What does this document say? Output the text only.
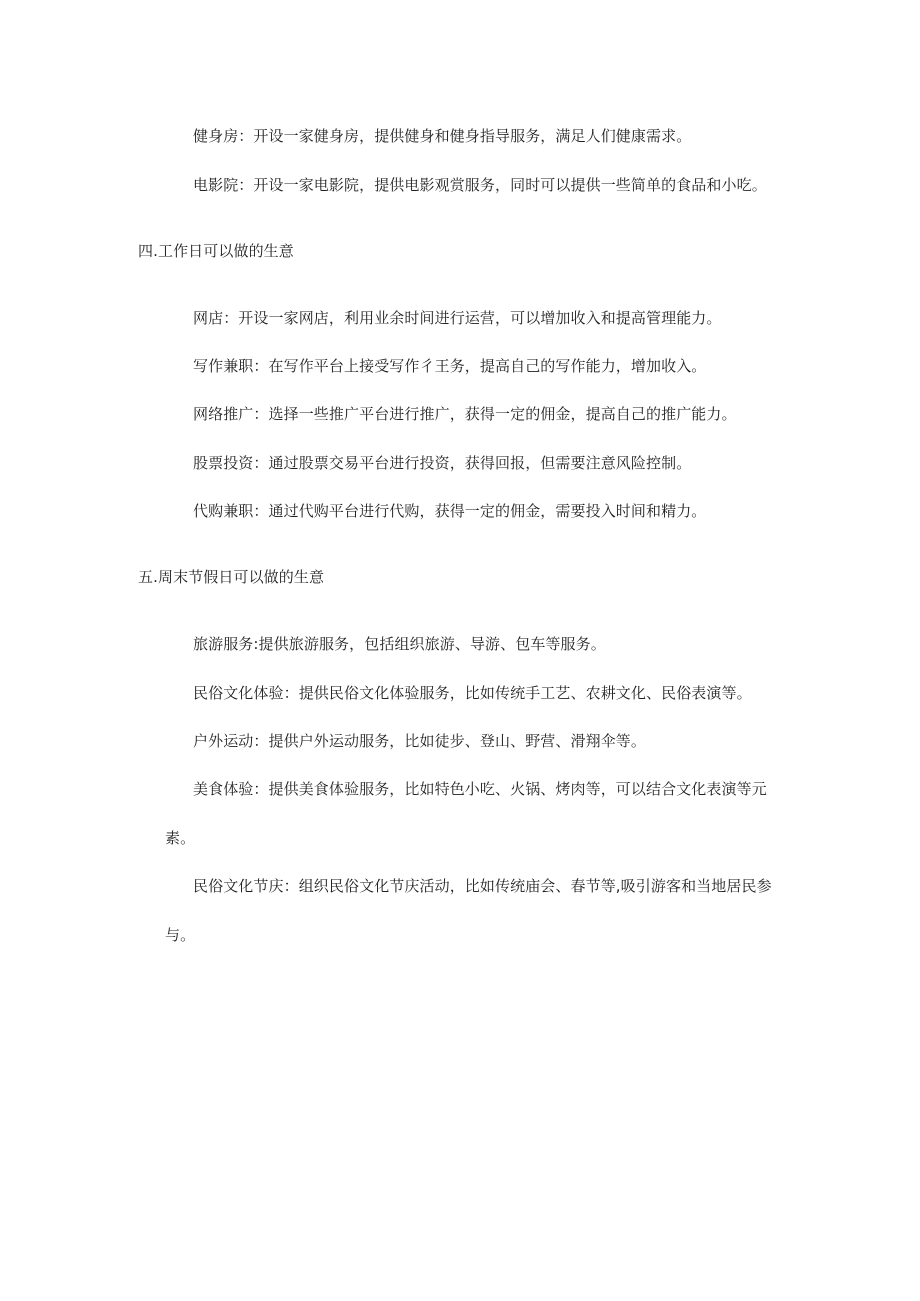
健身房：开设一家健身房，提供健身和健身指导服务，满足人们健康需求。

电影院：开设一家电影院，提供电影观赏服务，同时可以提供一些简单的食品和小吃。

四.工作日可以做的生意

网店：开设一家网店，利用业余时间进行运营，可以增加收入和提高管理能力。

写作兼职：在写作平台上接受写作彳王务，提高自己的写作能力，增加收入。

网络推广：选择一些推广平台进行推广，获得一定的佣金，提高自己的推广能力。

股票投资：通过股票交易平台进行投资，获得回报，但需要注意风险控制。

代购兼职：通过代购平台进行代购，获得一定的佣金，需要投入时间和精力。

五.周末节假日可以做的生意

旅游服务:提供旅游服务，包括组织旅游、导游、包车等服务。

民俗文化体验：提供民俗文化体验服务，比如传统手工艺、农耕文化、民俗表演等。

户外运动：提供户外运动服务，比如徒步、登山、野营、滑翔伞等。

美食体验：提供美食体验服务，比如特色小吃、火锅、烤肉等，可以结合文化表演等元

素。

民俗文化节庆：组织民俗文化节庆活动，比如传统庙会、春节等,吸引游客和当地居民参

与。
